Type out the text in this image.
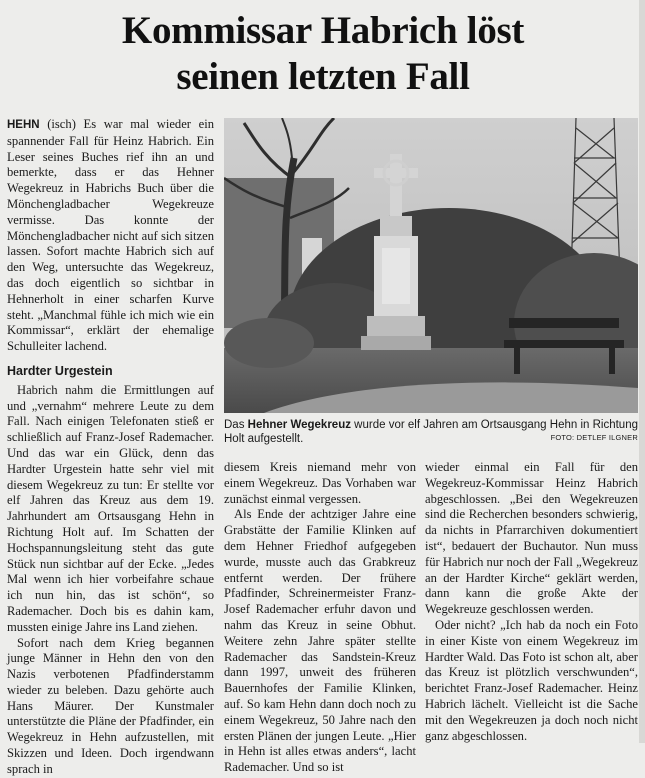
Kommissar Habrich löst
seinen letzten Fall

HEHN (isch) Es war mal wieder ein spannender Fall für Heinz Habrich. Ein Leser seines Buches rief ihn an und bemerkte, dass er das Hehner Wegekreuz in Habrichs Buch über die Mönchengladbacher Wegekreuze vermisse. Das konnte der Mönchengladbacher nicht auf sich sitzen lassen. Sofort machte Habrich sich auf den Weg, untersuchte das Wegekreuz, das doch eigentlich so sichtbar in Hehnerholt in einer scharfen Kurve steht. „Manchmal fühle ich mich wie ein Kommissar“, erklärt der ehemalige Schulleiter lachend.

Hardter Urgestein

Habrich nahm die Ermittlungen auf und „vernahm“ mehrere Leute zu dem Fall. Nach einigen Telefonaten stieß er schließlich auf Franz-Josef Rademacher. Und das war ein Glück, denn das Hardter Urgestein hatte sehr viel mit diesem Wegekreuz zu tun: Er stellte vor elf Jahren das Kreuz aus dem 19. Jahrhundert am Ortsausgang Hehn in Richtung Holt auf. Im Schatten der Hochspannungsleitung steht das gute Stück nun sichtbar auf der Ecke. „Jedes Mal wenn ich hier vorbeifahre schaue ich nun hin, das ist schön“, so Rademacher. Doch bis es dahin kam, mussten einige Jahre ins Land ziehen.

Sofort nach dem Krieg begannen junge Männer in Hehn den von den Nazis verbotenen Pfadfinderstamm wieder zu beleben. Dazu gehörte auch Hans Mäurer. Der Kunstmaler unterstützte die Pläne der Pfadfinder, ein Wegekreuz in Hehn aufzustellen, mit Skizzen und Ideen. Doch irgendwann sprach in

Das Hehner Wegekreuz wurde vor elf Jahren am Ortsausgang Hehn in Richtung Holt aufgestellt.	FOTO: DETLEF ILGNER

diesem Kreis niemand mehr von einem Wegekreuz. Das Vorhaben war zunächst einmal vergessen.

Als Ende der achtziger Jahre eine Grabstätte der Familie Klinken auf dem Hehner Friedhof aufgegeben wurde, musste auch das Grabkreuz entfernt werden. Der frühere Pfadfinder, Schreinermeister Franz-Josef Rademacher erfuhr davon und nahm das Kreuz in seine Obhut. Weitere zehn Jahre später stellte Rademacher das Sandstein-Kreuz dann 1997, unweit des früheren Bauernhofes der Familie Klinken, auf. So kam Hehn dann doch noch zu einem Wegekreuz, 50 Jahre nach den ersten Plänen der jungen Leute. „Hier in Hehn ist alles etwas anders“, lacht Rademacher. Und so ist

wieder einmal ein Fall für den Wegekreuz-Kommissar Heinz Habrich abgeschlossen. „Bei den Wegekreuzen sind die Recherchen besonders schwierig, da nichts in Pfarrarchiven dokumentiert ist“, bedauert der Buchautor. Nun muss für Habrich nur noch der Fall „Wegekreuz an der Hardter Kirche“ geklärt werden, dann kann die große Akte der Wegekreuze geschlossen werden.

Oder nicht? „Ich hab da noch ein Foto in einer Kiste von einem Wegekreuz im Hardter Wald. Das Foto ist schon alt, aber das Kreuz ist plötzlich verschwunden“, berichtet Franz-Josef Rademacher. Heinz Habrich lächelt. Vielleicht ist die Sache mit den Wegekreuzen ja doch noch nicht ganz abgeschlossen.
